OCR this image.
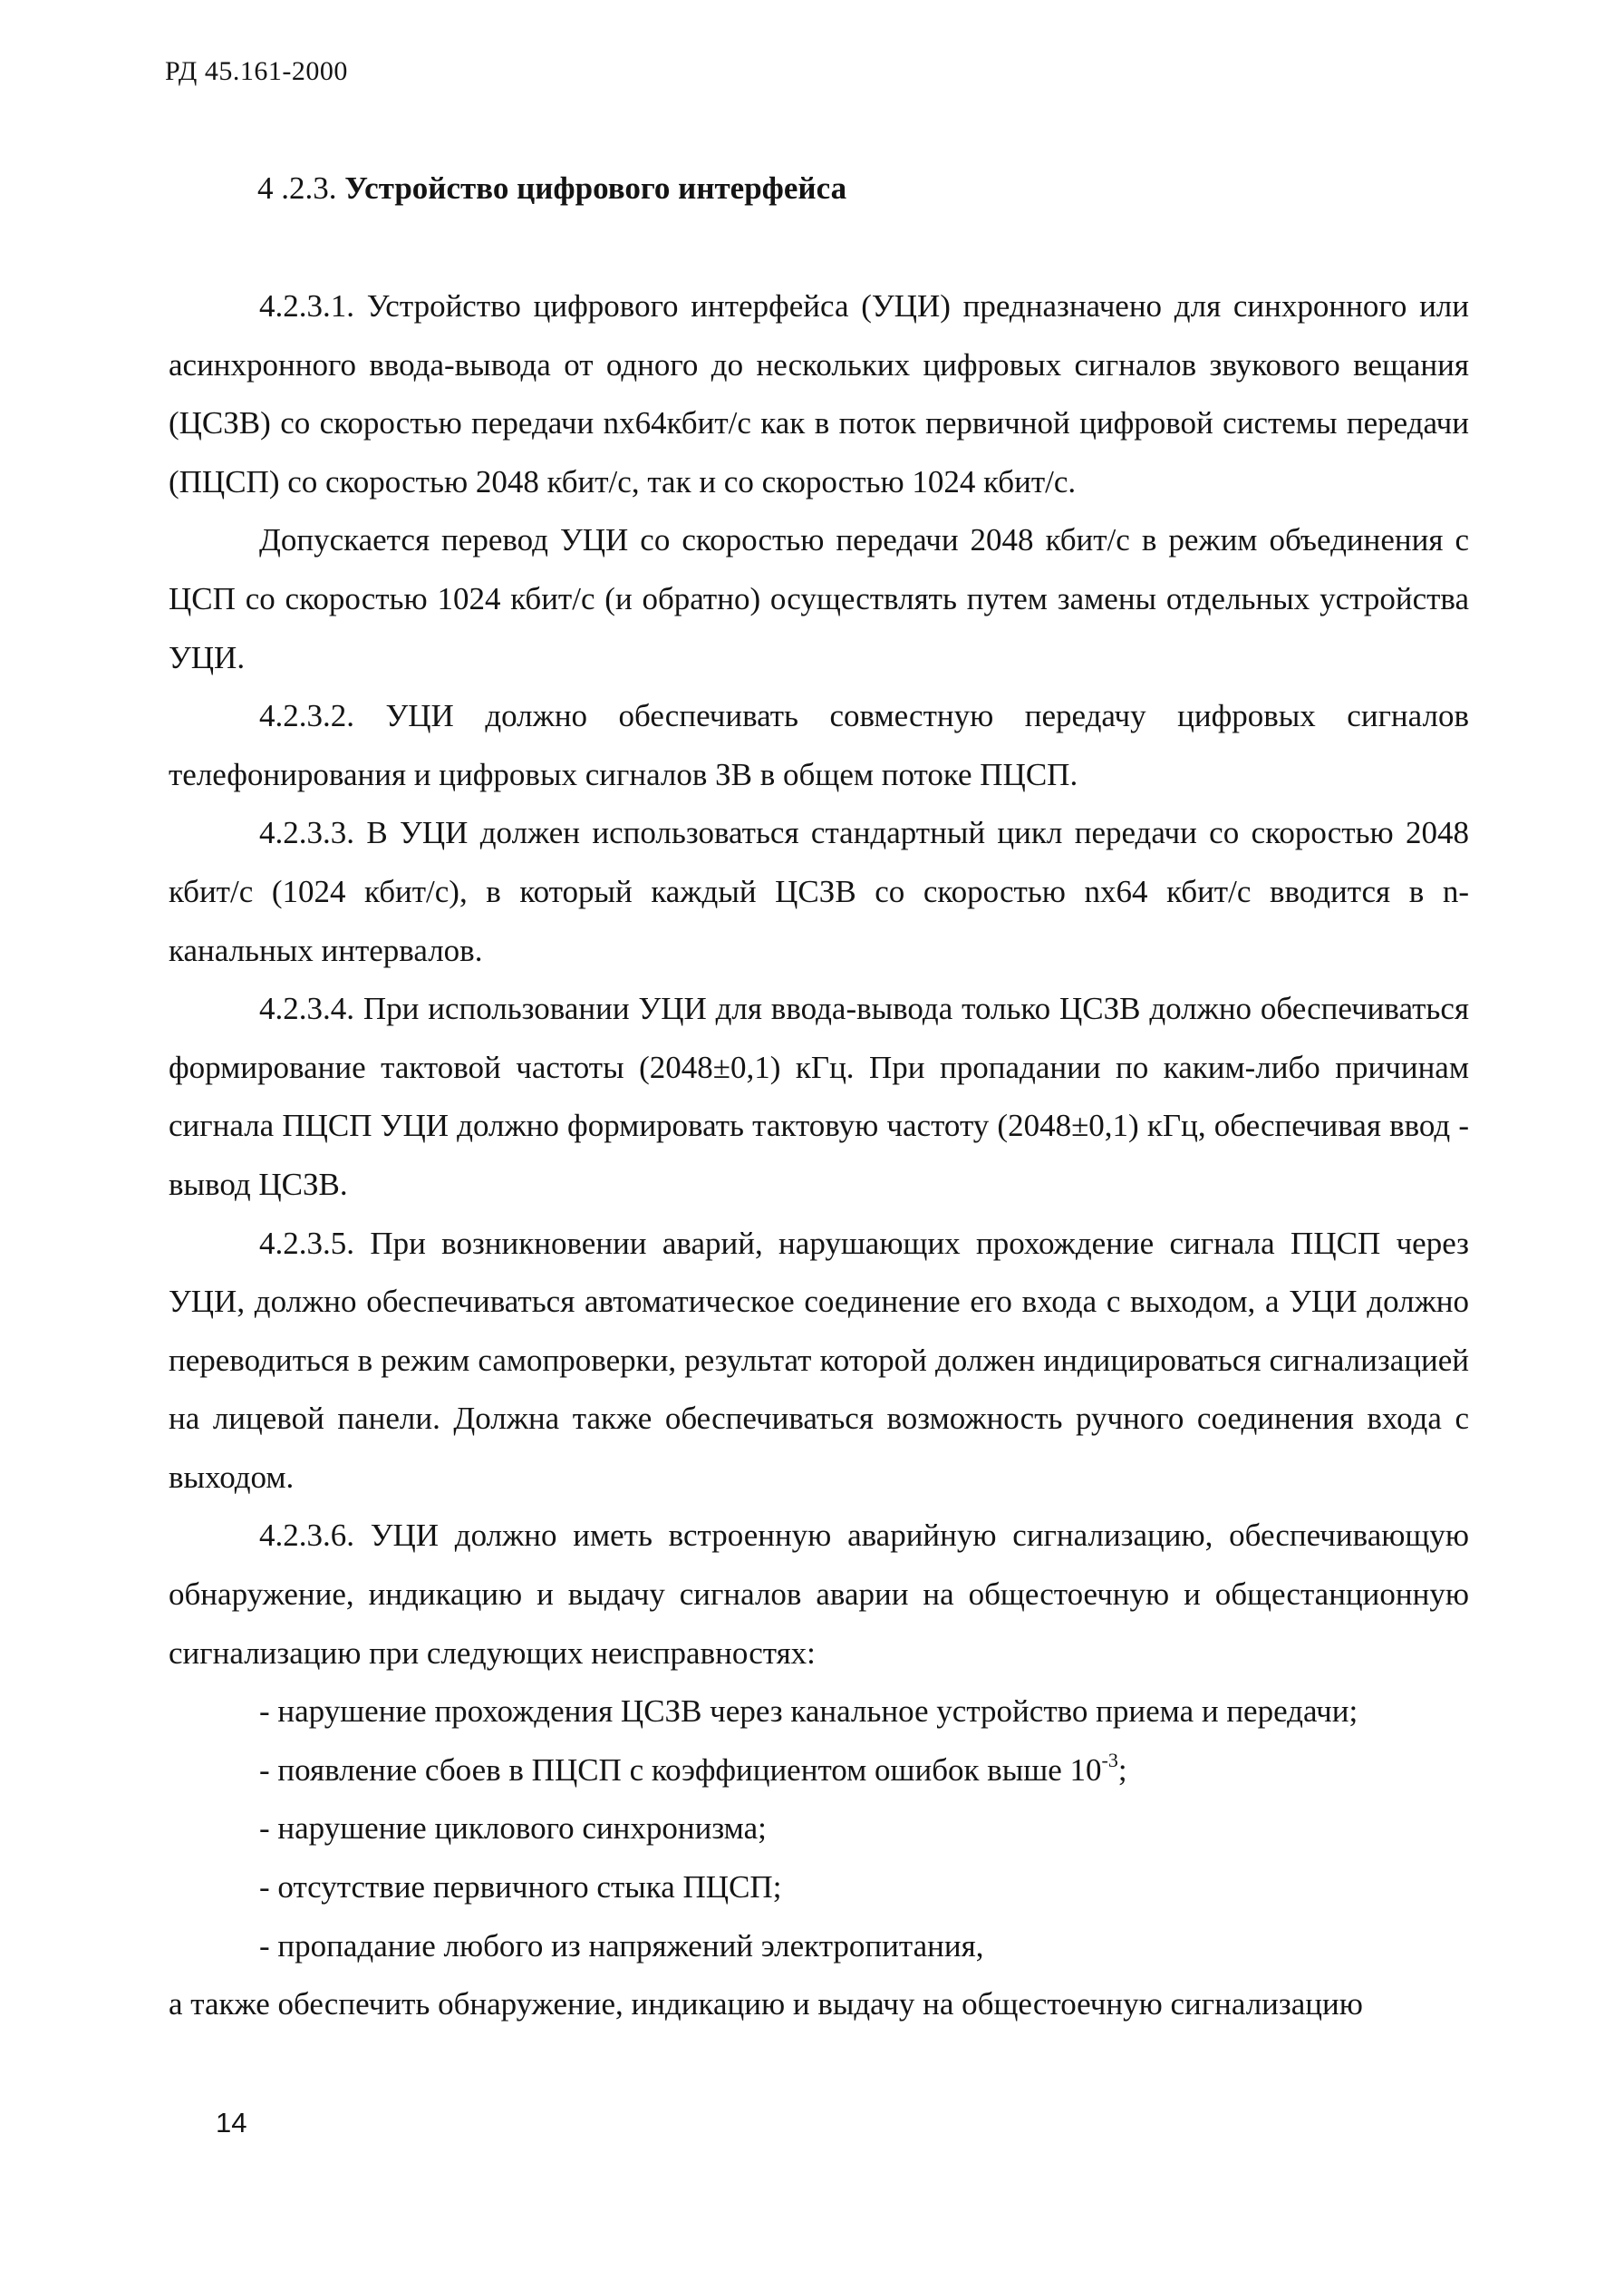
РД 45.161-2000
4 .2.3. Устройство цифрового интерфейса

4.2.3.1. Устройство цифрового интерфейса (УЦИ) предназначено для синхронного или асинхронного ввода-вывода от одного до нескольких цифровых сигналов звукового вещания (ЦСЗВ) со скоростью передачи nх64кбит/с как в поток первичной цифровой системы передачи (ПЦСП) со скоростью 2048 кбит/с, так и со скоростью 1024 кбит/с.

Допускается перевод УЦИ со скоростью передачи 2048 кбит/с в режим объединения с ЦСП со скоростью 1024 кбит/с (и обратно) осуществлять путем замены отдельных устройства УЦИ.

4.2.3.2. УЦИ должно обеспечивать совместную передачу цифровых сигналов телефонирования и цифровых сигналов ЗВ в общем потоке ПЦСП.

4.2.3.3. В УЦИ должен использоваться стандартный цикл передачи со скоростью 2048 кбит/с (1024 кбит/с), в который каждый ЦСЗВ со скоростью nх64 кбит/с вводится в n-канальных интервалов.

4.2.3.4. При использовании УЦИ для ввода-вывода только ЦСЗВ должно обеспечиваться формирование тактовой частоты (2048±0,1) кГц. При пропадании по каким-либо причинам сигнала ПЦСП УЦИ должно формировать тактовую частоту (2048±0,1) кГц, обеспечивая ввод - вывод ЦСЗВ.

4.2.3.5. При возникновении аварий, нарушающих прохождение сигнала ПЦСП через УЦИ, должно обеспечиваться автоматическое соединение его входа с выходом, а УЦИ должно переводиться в режим самопроверки, результат которой должен индицироваться сигнализацией на лицевой панели. Должна также обеспечиваться возможность ручного соединения входа с выходом.

4.2.3.6. УЦИ должно иметь встроенную аварийную сигнализацию, обеспечивающую обнаружение, индикацию и выдачу сигналов аварии на общестоечную и общестанционную сигнализацию при следующих неисправностях:

- нарушение прохождения ЦСЗВ через канальное устройство приема и передачи;

- появление сбоев в ПЦСП с коэффициентом ошибок выше $10^{-3}$;

- нарушение циклового синхронизма;

- отсутствие первичного стыка ПЦСП;

- пропадание любого из напряжений электропитания,

а также обеспечить обнаружение, индикацию и выдачу на общестоечную сигнализацию

14
